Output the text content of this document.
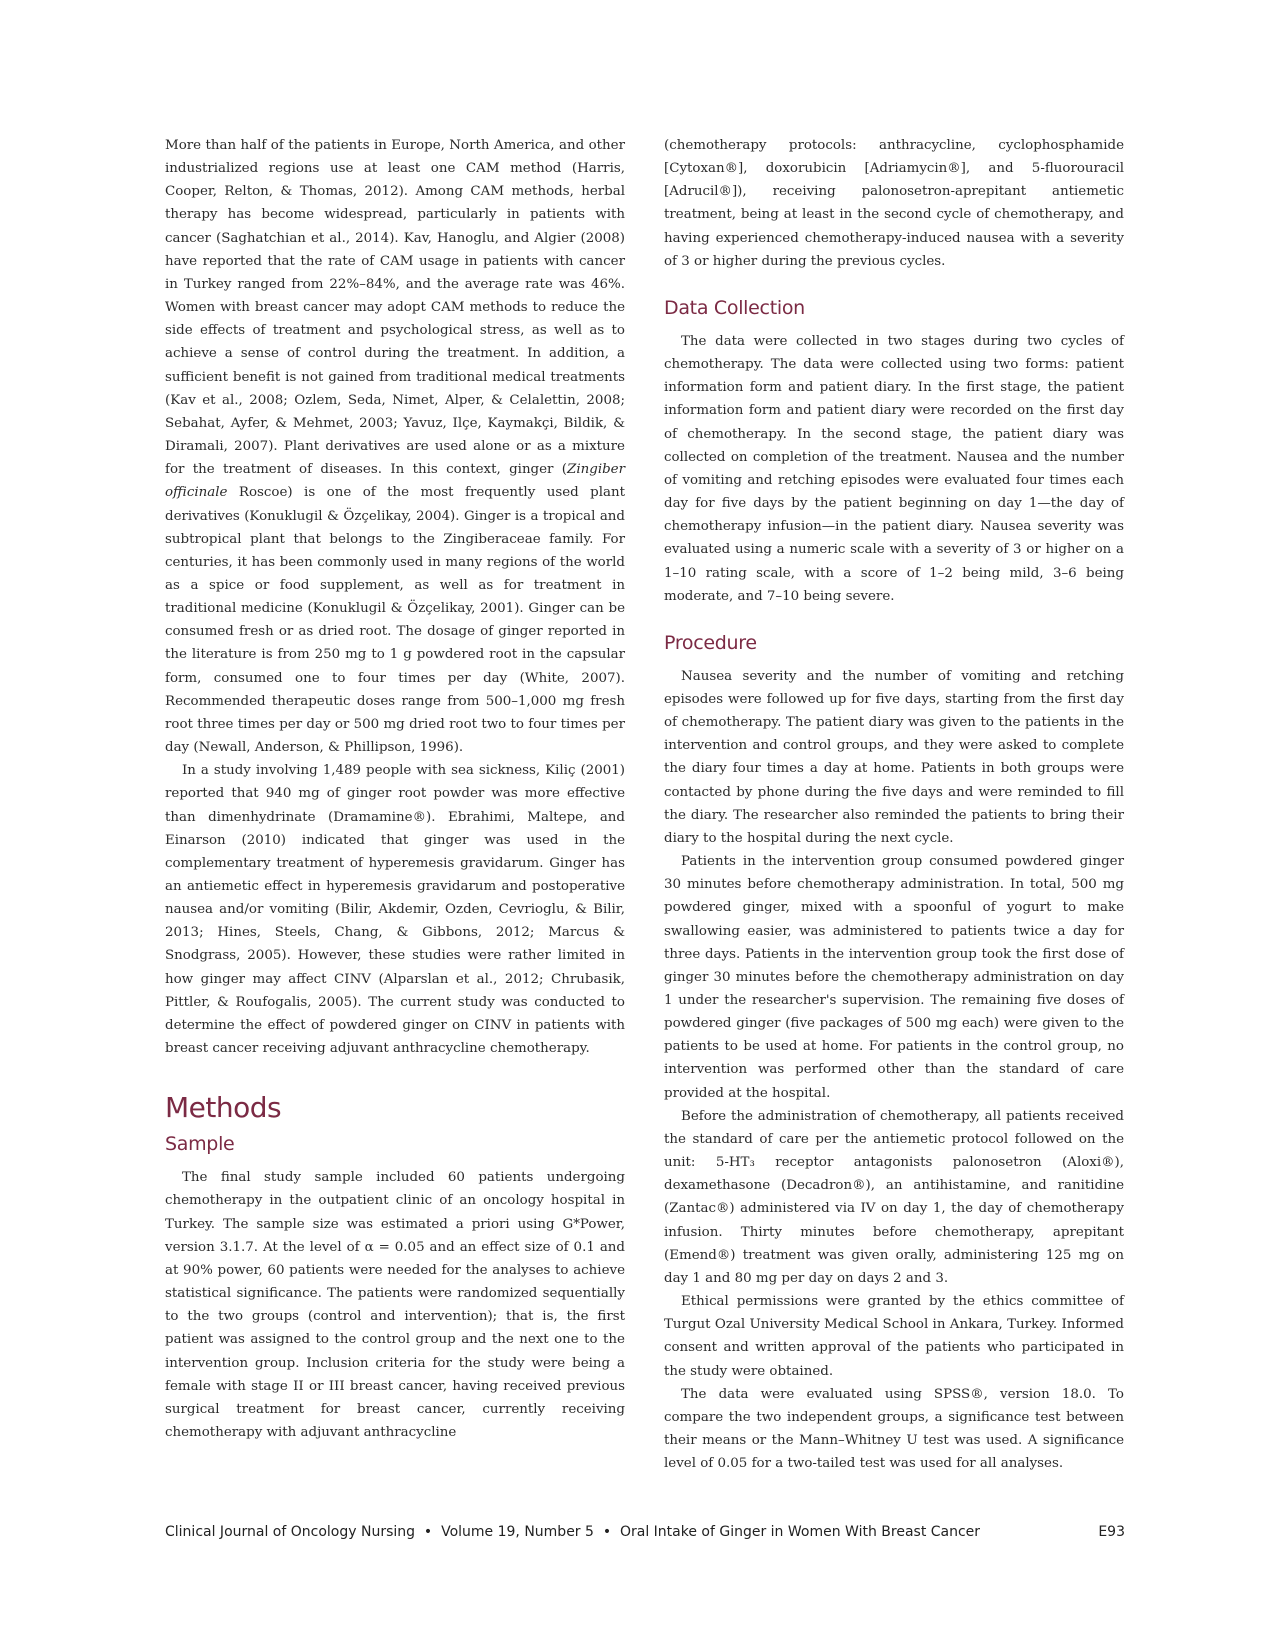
More than half of the patients in Europe, North America, and other industrialized regions use at least one CAM method (Harris, Cooper, Relton, & Thomas, 2012). Among CAM methods, herbal therapy has become widespread, particularly in patients with cancer (Saghatchian et al., 2014). Kav, Hanoglu, and Algier (2008) have reported that the rate of CAM usage in patients with cancer in Turkey ranged from 22%–84%, and the average rate was 46%. Women with breast cancer may adopt CAM methods to reduce the side effects of treatment and psychological stress, as well as to achieve a sense of control during the treatment. In addition, a sufficient benefit is not gained from traditional medical treatments (Kav et al., 2008; Ozlem, Seda, Nimet, Alper, & Celalettin, 2008; Sebahat, Ayfer, & Mehmet, 2003; Yavuz, Ilçe, Kaymakçi, Bildik, & Diramali, 2007). Plant derivatives are used alone or as a mixture for the treatment of diseases. In this context, ginger (Zingiber officinale Roscoe) is one of the most frequently used plant derivatives (Konuklugil & Özçelikay, 2004). Ginger is a tropical and subtropical plant that belongs to the Zingiberaceae family. For centuries, it has been commonly used in many regions of the world as a spice or food supplement, as well as for treatment in traditional medicine (Konuklugil & Özçelikay, 2001). Ginger can be consumed fresh or as dried root. The dosage of ginger reported in the literature is from 250 mg to 1 g powdered root in the capsular form, consumed one to four times per day (White, 2007). Recommended therapeutic doses range from 500–1,000 mg fresh root three times per day or 500 mg dried root two to four times per day (Newall, Anderson, & Phillipson, 1996).

In a study involving 1,489 people with sea sickness, Kiliç (2001) reported that 940 mg of ginger root powder was more effective than dimenhydrinate (Dramamine®). Ebrahimi, Maltepe, and Einarson (2010) indicated that ginger was used in the complementary treatment of hyperemesis gravidarum. Ginger has an antiemetic effect in hyperemesis gravidarum and postoperative nausea and/or vomiting (Bilir, Akdemir, Ozden, Cevrioglu, & Bilir, 2013; Hines, Steels, Chang, & Gibbons, 2012; Marcus & Snodgrass, 2005). However, these studies were rather limited in how ginger may affect CINV (Alparslan et al., 2012; Chrubasik, Pittler, & Roufogalis, 2005). The current study was conducted to determine the effect of powdered ginger on CINV in patients with breast cancer receiving adjuvant anthracycline chemotherapy.

Methods
Sample

The final study sample included 60 patients undergoing chemotherapy in the outpatient clinic of an oncology hospital in Turkey. The sample size was estimated a priori using G*Power, version 3.1.7. At the level of α = 0.05 and an effect size of 0.1 and at 90% power, 60 patients were needed for the analyses to achieve statistical significance. The patients were randomized sequentially to the two groups (control and intervention); that is, the first patient was assigned to the control group and the next one to the intervention group. Inclusion criteria for the study were being a female with stage II or III breast cancer, having received previous surgical treatment for breast cancer, currently receiving chemotherapy with adjuvant anthracycline

(chemotherapy protocols: anthracycline, cyclophosphamide [Cytoxan®], doxorubicin [Adriamycin®], and 5-fluorouracil [Adrucil®]), receiving palonosetron-aprepitant antiemetic treatment, being at least in the second cycle of chemotherapy, and having experienced chemotherapy-induced nausea with a severity of 3 or higher during the previous cycles.

Data Collection

The data were collected in two stages during two cycles of chemotherapy. The data were collected using two forms: patient information form and patient diary. In the first stage, the patient information form and patient diary were recorded on the first day of chemotherapy. In the second stage, the patient diary was collected on completion of the treatment. Nausea and the number of vomiting and retching episodes were evaluated four times each day for five days by the patient beginning on day 1—the day of chemotherapy infusion—in the patient diary. Nausea severity was evaluated using a numeric scale with a severity of 3 or higher on a 1–10 rating scale, with a score of 1–2 being mild, 3–6 being moderate, and 7–10 being severe.

Procedure

Nausea severity and the number of vomiting and retching episodes were followed up for five days, starting from the first day of chemotherapy. The patient diary was given to the patients in the intervention and control groups, and they were asked to complete the diary four times a day at home. Patients in both groups were contacted by phone during the five days and were reminded to fill the diary. The researcher also reminded the patients to bring their diary to the hospital during the next cycle.

Patients in the intervention group consumed powdered ginger 30 minutes before chemotherapy administration. In total, 500 mg powdered ginger, mixed with a spoonful of yogurt to make swallowing easier, was administered to patients twice a day for three days. Patients in the intervention group took the first dose of ginger 30 minutes before the chemotherapy administration on day 1 under the researcher's supervision. The remaining five doses of powdered ginger (five packages of 500 mg each) were given to the patients to be used at home. For patients in the control group, no intervention was performed other than the standard of care provided at the hospital.

Before the administration of chemotherapy, all patients received the standard of care per the antiemetic protocol followed on the unit: 5-HT₃ receptor antagonists palonosetron (Aloxi®), dexamethasone (Decadron®), an antihistamine, and ranitidine (Zantac®) administered via IV on day 1, the day of chemotherapy infusion. Thirty minutes before chemotherapy, aprepitant (Emend®) treatment was given orally, administering 125 mg on day 1 and 80 mg per day on days 2 and 3.

Ethical permissions were granted by the ethics committee of Turgut Ozal University Medical School in Ankara, Turkey. Informed consent and written approval of the patients who participated in the study were obtained.

The data were evaluated using SPSS®, version 18.0. To compare the two independent groups, a significance test between their means or the Mann–Whitney U test was used. A significance level of 0.05 for a two-tailed test was used for all analyses.

Clinical Journal of Oncology Nursing  •  Volume 19, Number 5  •  Oral Intake of Ginger in Women With Breast Cancer	E93
